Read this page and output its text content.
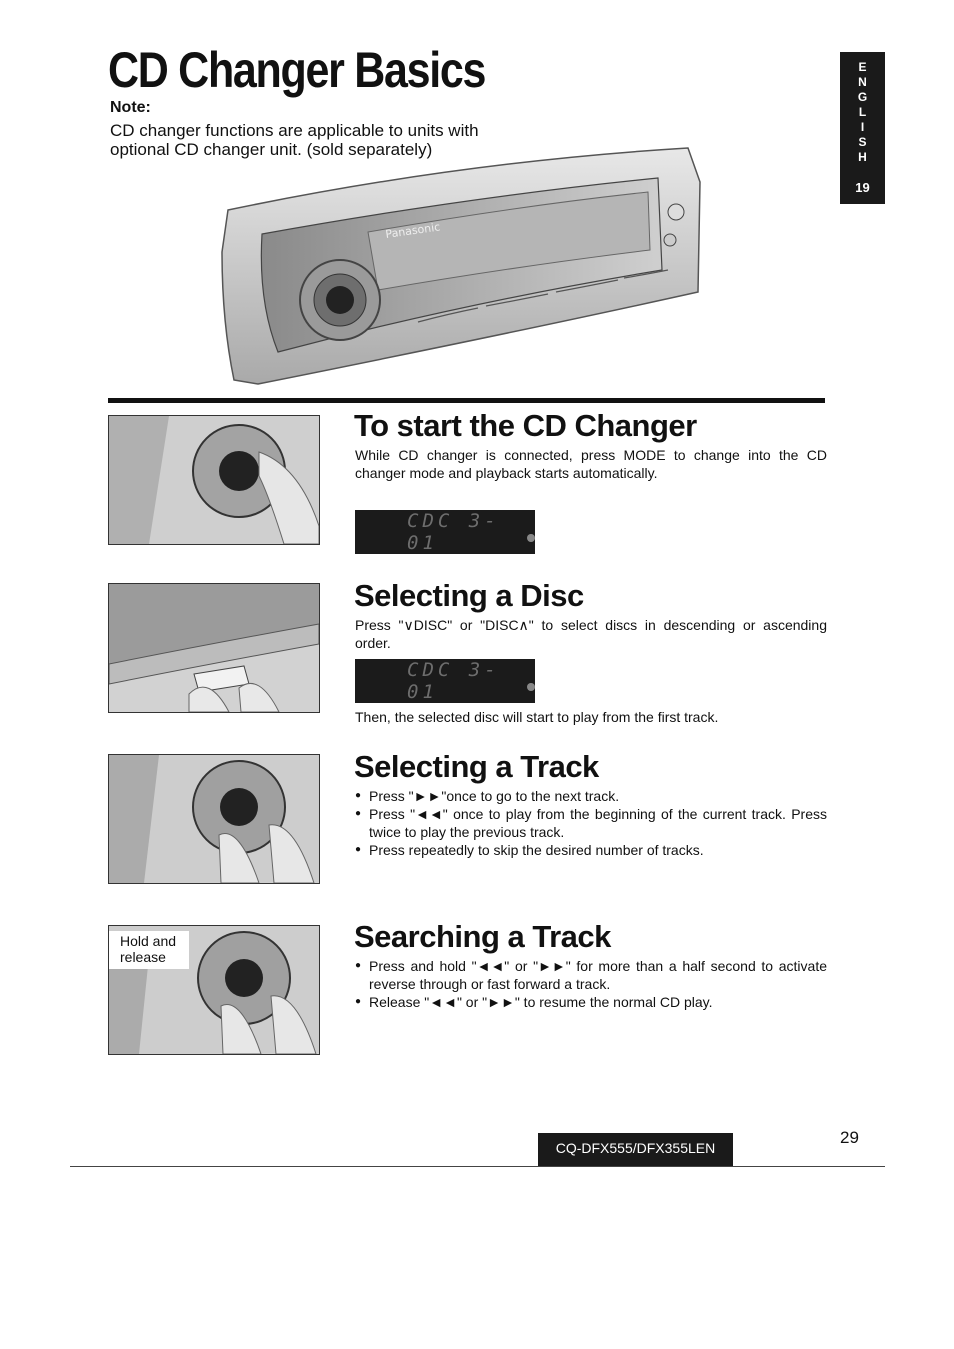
CD Changer Basics
Note:
CD changer functions are applicable to units with optional CD changer unit. (sold separately)
E
N
G
L
I
S
H
19
Panasonic
To start the CD Changer

While CD changer is connected, press MODE to change into the CD changer mode and playback starts automatically.

CDC 3-01
Selecting a Disc

Press "∨DISC" or "DISC∧" to select discs in descending or ascending order.

CDC 3-01

Then, the selected disc will start to play from the first track.

Selecting a Track
● Press "►►"once to go to the next track.
● Press "◄◄" once to play from the beginning of the current track. Press twice to play the previous track.
● Press repeatedly to skip the desired number of tracks.
Hold and release
Searching a Track
● Press and hold "◄◄" or "►►" for more than a half second to activate reverse through or fast forward a track.
● Release "◄◄" or "►►" to resume the normal CD play.
CQ-DFX555/DFX355LEN
29
